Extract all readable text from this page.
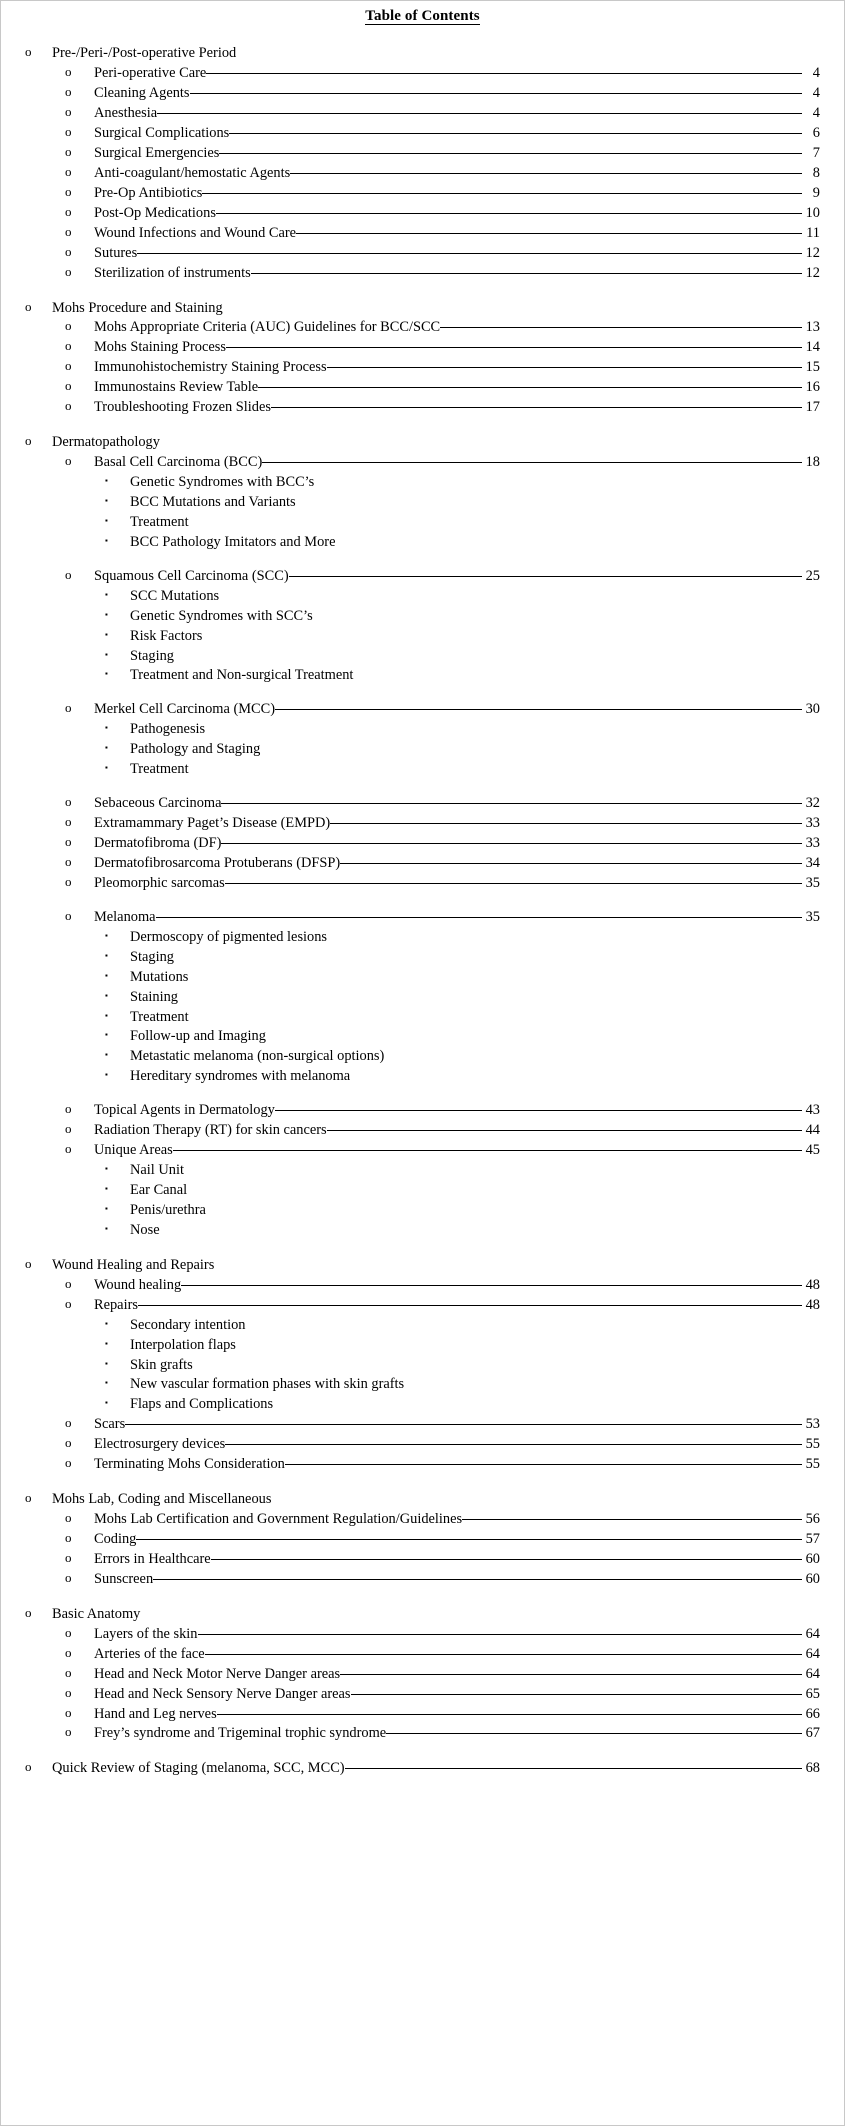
Table of Contents
o	Pre-/Peri-/Post-operative Period
o	Peri-operative Care	4
o	Cleaning Agents	4
o	Anesthesia	4
o	Surgical Complications	6
o	Surgical Emergencies	7
o	Anti-coagulant/hemostatic Agents	8
o	Pre-Op Antibiotics	9
o	Post-Op Medications	10
o	Wound Infections and Wound Care	11
o	Sutures	12
o	Sterilization of instruments	12
o	Mohs Procedure and Staining
o	Mohs Appropriate Criteria (AUC) Guidelines for BCC/SCC	13
o	Mohs Staining Process	14
o	Immunohistochemistry Staining Process	15
o	Immunostains Review Table	16
o	Troubleshooting Frozen Slides	17
o	Dermatopathology
o	Basal Cell Carcinoma (BCC)	18
▪	Genetic Syndromes with BCC’s
▪	BCC Mutations and Variants
▪	Treatment
▪	BCC Pathology Imitators and More
o	Squamous Cell Carcinoma (SCC)	25
▪	SCC Mutations
▪	Genetic Syndromes with SCC’s
▪	Risk Factors
▪	Staging
▪	Treatment and Non-surgical Treatment
o	Merkel Cell Carcinoma (MCC)	30
▪	Pathogenesis
▪	Pathology and Staging
▪	Treatment
o	Sebaceous Carcinoma	32
o	Extramammary Paget’s Disease (EMPD)	33
o	Dermatofibroma (DF)	33
o	Dermatofibrosarcoma Protuberans (DFSP)	34
o	Pleomorphic sarcomas	35
o	Melanoma	35
▪	Dermoscopy of pigmented lesions
▪	Staging
▪	Mutations
▪	Staining
▪	Treatment
▪	Follow-up and Imaging
▪	Metastatic melanoma (non-surgical options)
▪	Hereditary syndromes with melanoma
o	Topical Agents in Dermatology	43
o	Radiation Therapy (RT) for skin cancers	44
o	Unique Areas	45
▪	Nail Unit
▪	Ear Canal
▪	Penis/urethra
▪	Nose
o	Wound Healing and Repairs
o	Wound healing	48
o	Repairs	48
▪	Secondary intention
▪	Interpolation flaps
▪	Skin grafts
▪	New vascular formation phases with skin grafts
▪	Flaps and Complications
o	Scars	53
o	Electrosurgery devices	55
o	Terminating Mohs Consideration	55
o	Mohs Lab, Coding and Miscellaneous
o	Mohs Lab Certification and Government Regulation/Guidelines	56
o	Coding	57
o	Errors in Healthcare	60
o	Sunscreen	60
o	Basic Anatomy
o	Layers of the skin	64
o	Arteries of the face	64
o	Head and Neck Motor Nerve Danger areas	64
o	Head and Neck Sensory Nerve Danger areas	65
o	Hand and Leg nerves	66
o	Frey’s syndrome and Trigeminal trophic syndrome	67
o	Quick Review of Staging (melanoma, SCC, MCC)	68
